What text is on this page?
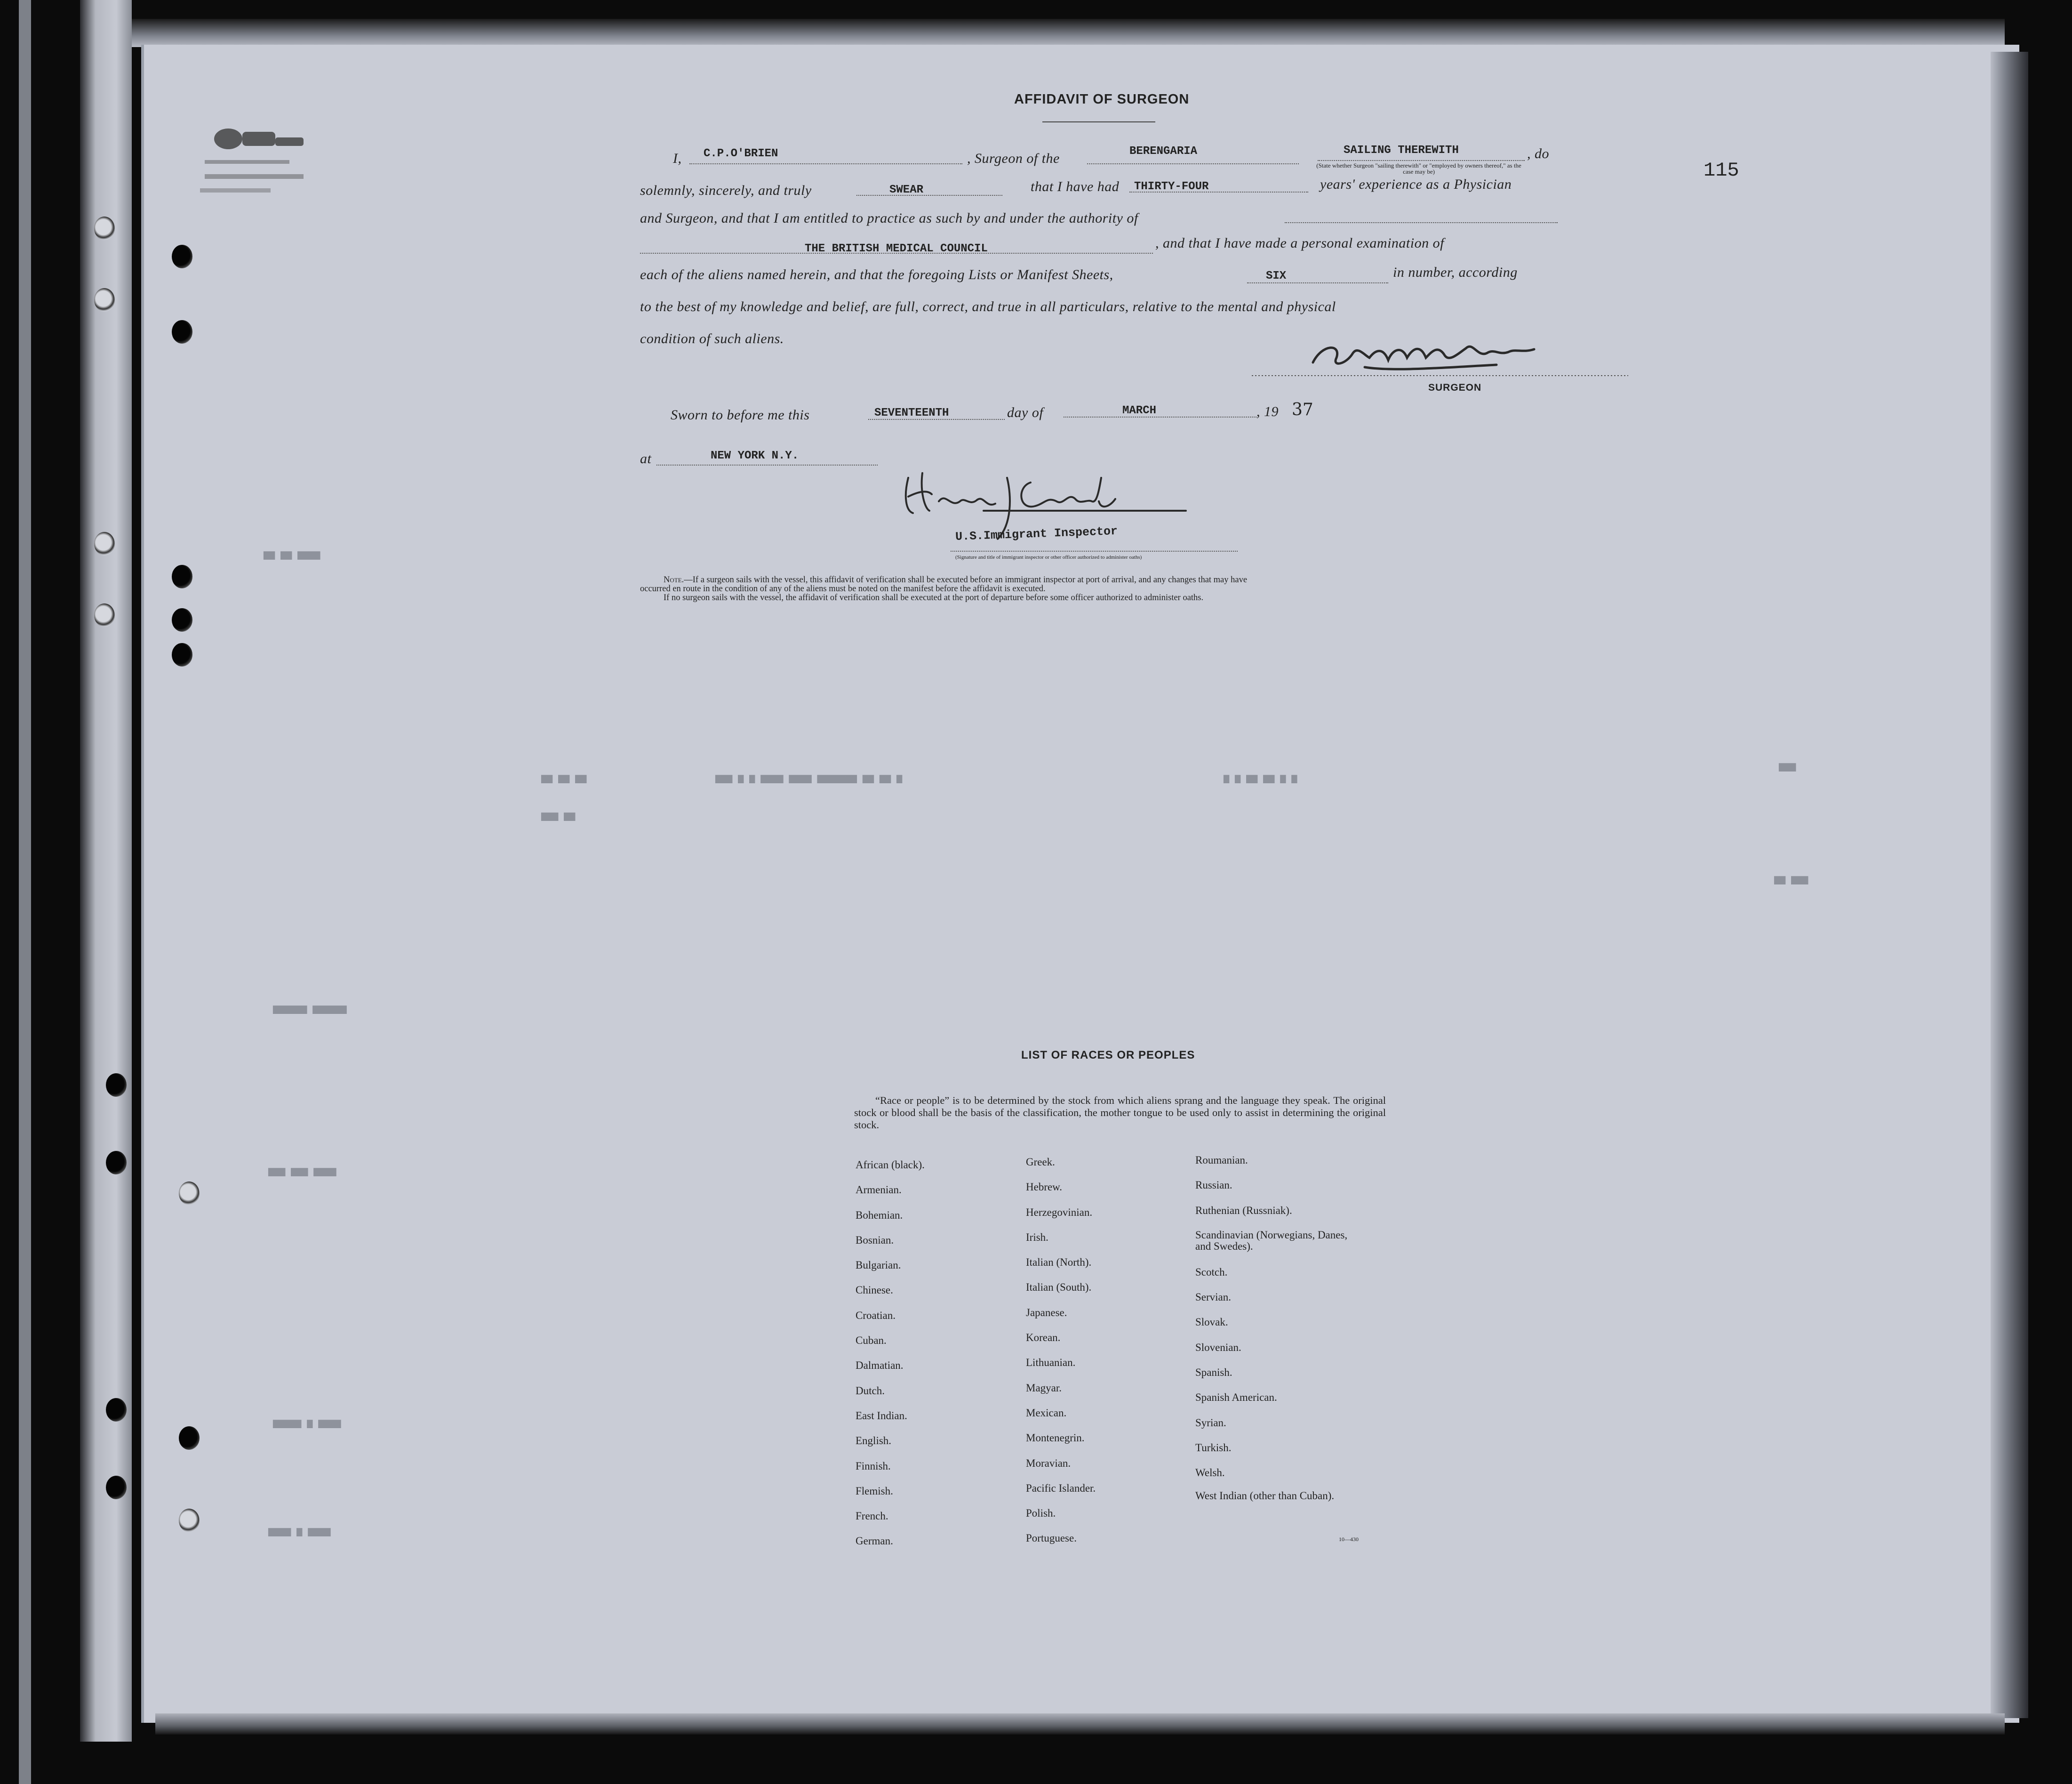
AFFIDAVIT OF SURGEON
115
I, C.P.O'BRIEN	, Surgeon of the	BERENGARIA	SAILING THEREWITH
(State whether Surgeon "sailing therewith" or "employed by owners thereof," as the case may be)
, do
solemnly, sincerely, and truly	SWEAR	that I have had THIRTY-FOUR	years' experience as a Physician
and Surgeon, and that I am entitled to practice as such by and under the authority of
THE BRITISH MEDICAL COUNCIL	, and that I have made a personal examination of
each of the aliens named herein, and that the foregoing Lists or Manifest Sheets,	SIX	in number, according
to the best of my knowledge and belief, are full, correct, and true in all particulars, relative to the mental and physical
condition of such aliens.
SURGEON
Sworn to before me this	SEVENTEENTH	day of	MARCH	, 19 37
at	NEW YORK N.Y.
U.S.Immigrant Inspector
(Signature and title of immigrant inspector or other officer authorized to administer oaths)
Note.—If a surgeon sails with the vessel, this affidavit of verification shall be executed before an immigrant inspector at port of arrival, and any changes that may have
occurred en route in the condition of any of the aliens must be noted on the manifest before the affidavit is executed.
If no surgeon sails with the vessel, the affidavit of verification shall be executed at the port of departure before some officer authorized to administer oaths.
▆▆ ▆▆ ▆▆▆▆
▆▆ ▆▆ ▆▆
▆▆▆ ▆▆
▆▆▆ ▆ ▆ ▆▆▆▆ ▆▆▆▆ ▆▆▆▆▆▆▆ ▆▆ ▆▆ ▆	▆ ▆ ▆▆ ▆▆ ▆ ▆
▆▆▆
▆▆ ▆▆▆
▆▆▆▆▆▆ ▆▆▆▆▆▆
▆▆▆ ▆▆▆ ▆▆▆▆
▆▆▆▆▆ ▆ ▆▆▆▆
▆▆▆▆ ▆ ▆▆▆▆
LIST OF RACES OR PEOPLES
“Race or people” is to be determined by the stock from which aliens sprang and the language they speak. The original stock or blood shall be the basis of the classification, the mother tongue to be used only to assist in determining the original stock.
African (black).
Armenian.
Bohemian.
Bosnian.
Bulgarian.
Chinese.
Croatian.
Cuban.
Dalmatian.
Dutch.
East Indian.
English.
Finnish.
Flemish.
French.
German.
Greek.
Hebrew.
Herzegovinian.
Irish.
Italian (North).
Italian (South).
Japanese.
Korean.
Lithuanian.
Magyar.
Mexican.
Montenegrin.
Moravian.
Pacific Islander.
Polish.
Portuguese.
Roumanian.
Russian.
Ruthenian (Russniak).
Scandinavian (Norwegians, Danes, and Swedes).
Scotch.
Servian.
Slovak.
Slovenian.
Spanish.
Spanish American.
Syrian.
Turkish.
Welsh.
West Indian (other than Cuban).
10—430
